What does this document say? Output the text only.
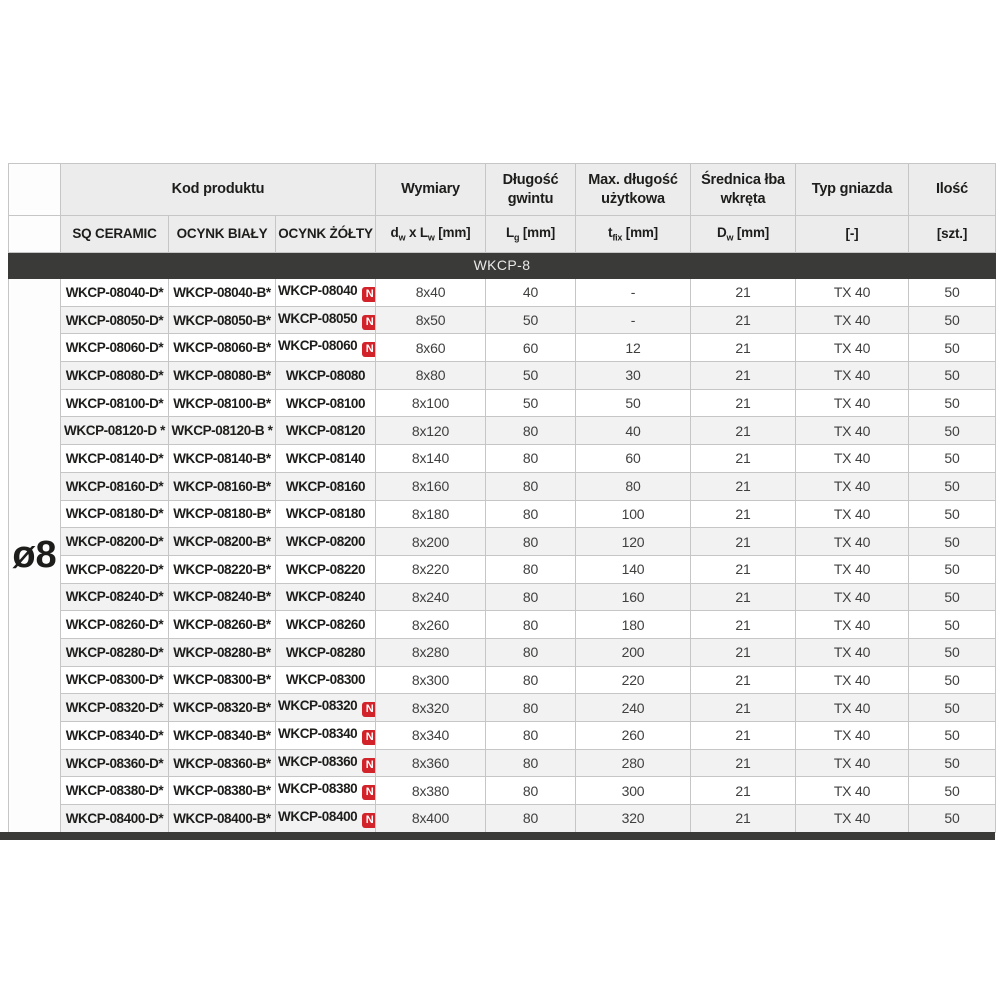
	Kod produktu			Wymiary	Długość gwintu	Max. długość użytkowa	Średnica łba wkręta	Typ gniazda	Ilość
	SQ CERAMIC	OCYNK BIAŁY	OCYNK ŻÓŁTY	$d_w$ x $L_w$ [mm]	$L_g$ [mm]	$t_{fix}$ [mm]	$D_w$ [mm]	[-]	[szt.]
WKCP-8									
ø8	WKCP-08040-D*	WKCP-08040-B*	WKCP-08040 N	8x40	40	-	21	TX 40	50
	WKCP-08050-D*	WKCP-08050-B*	WKCP-08050 N	8x50	50	-	21	TX 40	50
	WKCP-08060-D*	WKCP-08060-B*	WKCP-08060 N	8x60	60	12	21	TX 40	50
	WKCP-08080-D*	WKCP-08080-B*	WKCP-08080	8x80	50	30	21	TX 40	50
	WKCP-08100-D*	WKCP-08100-B*	WKCP-08100	8x100	50	50	21	TX 40	50
	WKCP-08120-D *	WKCP-08120-B *	WKCP-08120	8x120	80	40	21	TX 40	50
	WKCP-08140-D*	WKCP-08140-B*	WKCP-08140	8x140	80	60	21	TX 40	50
	WKCP-08160-D*	WKCP-08160-B*	WKCP-08160	8x160	80	80	21	TX 40	50
	WKCP-08180-D*	WKCP-08180-B*	WKCP-08180	8x180	80	100	21	TX 40	50
	WKCP-08200-D*	WKCP-08200-B*	WKCP-08200	8x200	80	120	21	TX 40	50
	WKCP-08220-D*	WKCP-08220-B*	WKCP-08220	8x220	80	140	21	TX 40	50
	WKCP-08240-D*	WKCP-08240-B*	WKCP-08240	8x240	80	160	21	TX 40	50
	WKCP-08260-D*	WKCP-08260-B*	WKCP-08260	8x260	80	180	21	TX 40	50
	WKCP-08280-D*	WKCP-08280-B*	WKCP-08280	8x280	80	200	21	TX 40	50
	WKCP-08300-D*	WKCP-08300-B*	WKCP-08300	8x300	80	220	21	TX 40	50
	WKCP-08320-D*	WKCP-08320-B*	WKCP-08320 N	8x320	80	240	21	TX 40	50
	WKCP-08340-D*	WKCP-08340-B*	WKCP-08340 N	8x340	80	260	21	TX 40	50
	WKCP-08360-D*	WKCP-08360-B*	WKCP-08360 N	8x360	80	280	21	TX 40	50
	WKCP-08380-D*	WKCP-08380-B*	WKCP-08380 N	8x380	80	300	21	TX 40	50
	WKCP-08400-D*	WKCP-08400-B*	WKCP-08400 N	8x400	80	320	21	TX 40	50
